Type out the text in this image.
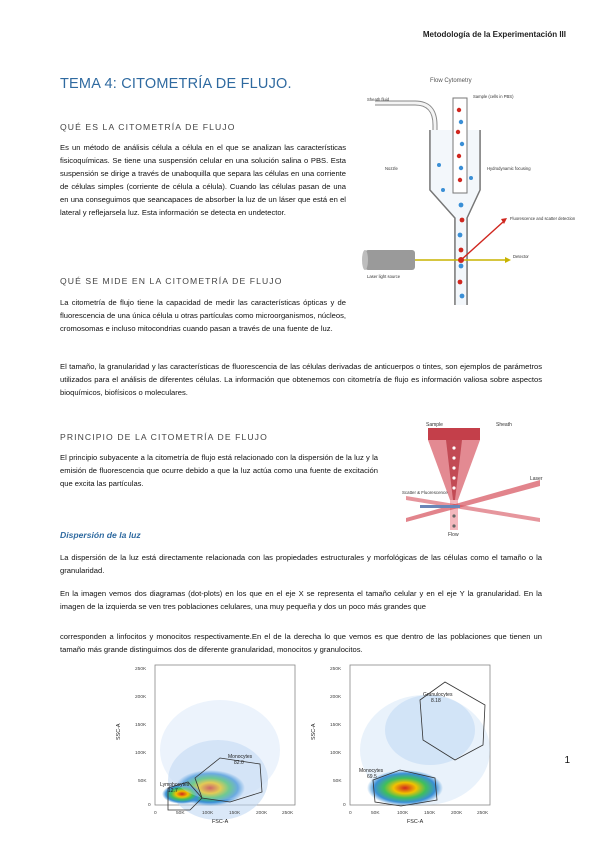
Metodología de la Experimentación III
TEMA 4: CITOMETRÍA DE FLUJO.
QUÉ ES LA CITOMETRÍA DE FLUJO
Es un método de análisis célula a célula en el que se analizan las características fisicoquímicas. Se tiene una suspensión celular en una solución salina o PBS. Esta suspensión se dirige a través de unaboquilla que separa las células en una corriente de células simples (corriente de célula a célula). Cuando las células pasan de una en una conseguimos que seancapaces de absorber la luz de un láser que está en el lateral y reflejarsela luz. Esta información se detecta en undetector.
QUÉ SE MIDE EN LA CITOMETRÍA DE FLUJO
La citometría de flujo tiene la capacidad de medir las características ópticas y de fluorescencia de una única célula u otras partículas como microorganismos, núcleos, cromosomas e incluso mitocondrias cuando pasan a través de una fuente de luz.
El tamaño, la granularidad y las características de fluorescencia de las células derivadas de anticuerpos o tintes, son ejemplos de parámetros utilizados para el análisis de diferentes células. La información que obtenemos con citometría de flujo es información valiosa sobre aspectos bioquímicos, biofísicos o moleculares.
PRINCIPIO DE LA CITOMETRÍA DE FLUJO
El principio subyacente a la citometría de flujo está relacionado con la dispersión de la luz y la emisión de fluorescencia que ocurre debido a que la luz actúa como una fuente de excitación que excita las partículas.
Dispersión de la luz
La dispersión de la luz está directamente relacionada con las propiedades estructurales y morfológicas de las células como el tamaño o la granularidad.
En la imagen vemos dos diagramas (dot-plots) en los que en el eje X se representa el tamaño celular y en el eje Y la granularidad. En la imagen de la izquierda se ven tres poblaciones celulares, una muy pequeña y dos un poco más grandes que
corresponden a linfocitos y monocitos respectivamente.En el de la derecha lo que vemos es que dentro de las poblaciones que tienen un tamaño más grande distinguimos dos de diferente granularidad, monocitos y granulocitos.
Flow Cytometry
Sheath fluid
Sample (cells in PBS)
Nozzle	Hydrodynamic focusing
Fluorescence and scatter detection
Laser light source
Detector
Sample	Sheath
Laser
Scatter & Fluorescence
Flow
Monocytes
82.0
Lymphocytes
12.7
250K
200K
150K
100K
50K
0
0	50K	100K	150K	200K	250K
FSC-A
SSC-A
Granulocytes
8.18
Monocytes
69.5
250K
200K
150K
100K
50K
0
0	50K	100K	150K	200K	250K
FSC-A
SSC-A
1
